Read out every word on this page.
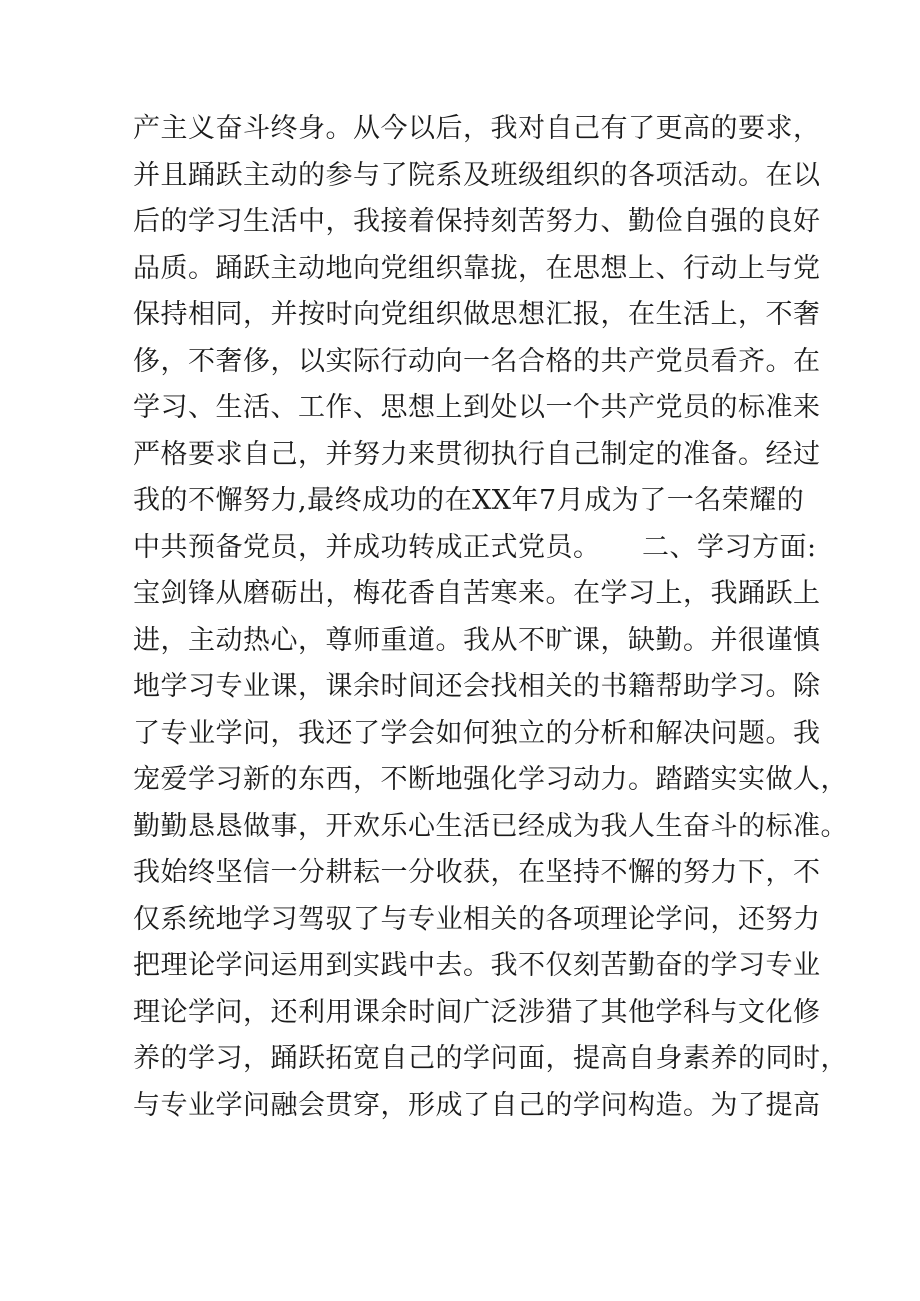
产主义奋斗终身。从今以后，我对自己有了更高的要求，
并且踊跃主动的参与了院系及班级组织的各项活动。在以
后的学习生活中，我接着保持刻苦努力、勤俭自强的良好
品质。踊跃主动地向党组织靠拢，在思想上、行动上与党
保持相同，并按时向党组织做思想汇报，在生活上，不奢
侈，不奢侈，以实际行动向一名合格的共产党员看齐。在
学习、生活、工作、思想上到处以一个共产党员的标准来
严格要求自己，并努力来贯彻执行自己制定的准备。经过
我的不懈努力,最终成功的在XX年7月成为了一名荣耀的
中共预备党员，并成功转成正式党员。　　二、学习方面:
宝剑锋从磨砺出，梅花香自苦寒来。在学习上，我踊跃上
进，主动热心，尊师重道。我从不旷课，缺勤。并很谨慎
地学习专业课，课余时间还会找相关的书籍帮助学习。除
了专业学问，我还了学会如何独立的分析和解决问题。我
宠爱学习新的东西，不断地强化学习动力。踏踏实实做人，
勤勤恳恳做事，开欢乐心生活已经成为我人生奋斗的标准。
我始终坚信一分耕耘一分收获，在坚持不懈的努力下，不
仅系统地学习驾驭了与专业相关的各项理论学问，还努力
把理论学问运用到实践中去。我不仅刻苦勤奋的学习专业
理论学问，还利用课余时间广泛涉猎了其他学科与文化修
养的学习，踊跃拓宽自己的学问面，提高自身素养的同时，
与专业学问融会贯穿，形成了自己的学问构造。为了提高
